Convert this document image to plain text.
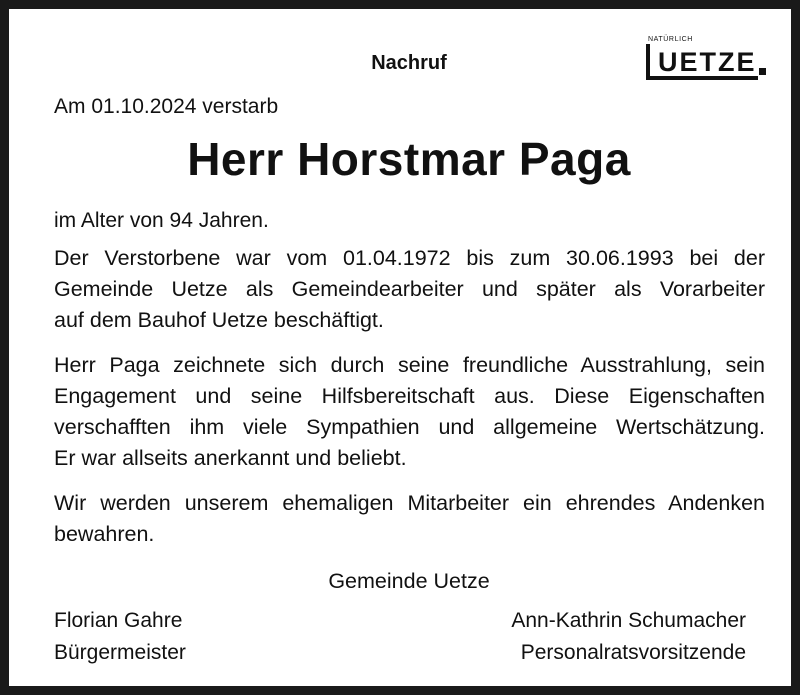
NATÜRLICH
UETZE
Nachruf
Am 01.10.2024 verstarb
Herr Horstmar Paga
im Alter von 94 Jahren.
Der Verstorbene war vom 01.04.1972 bis zum 30.06.1993 bei der
Gemeinde Uetze als Gemeindearbeiter und später als Vorarbeiter
auf dem Bauhof Uetze beschäftigt.
Herr Paga zeichnete sich durch seine freundliche Ausstrahlung, sein
Engagement und seine Hilfsbereitschaft aus. Diese Eigenschaften
verschafften ihm viele Sympathien und allgemeine Wertschätzung.
Er war allseits anerkannt und beliebt.
Wir werden unserem ehemaligen Mitarbeiter ein ehrendes Andenken
bewahren.
Gemeinde Uetze
Florian Gahre
Bürgermeister
Ann-Kathrin Schumacher
Personalratsvorsitzende
